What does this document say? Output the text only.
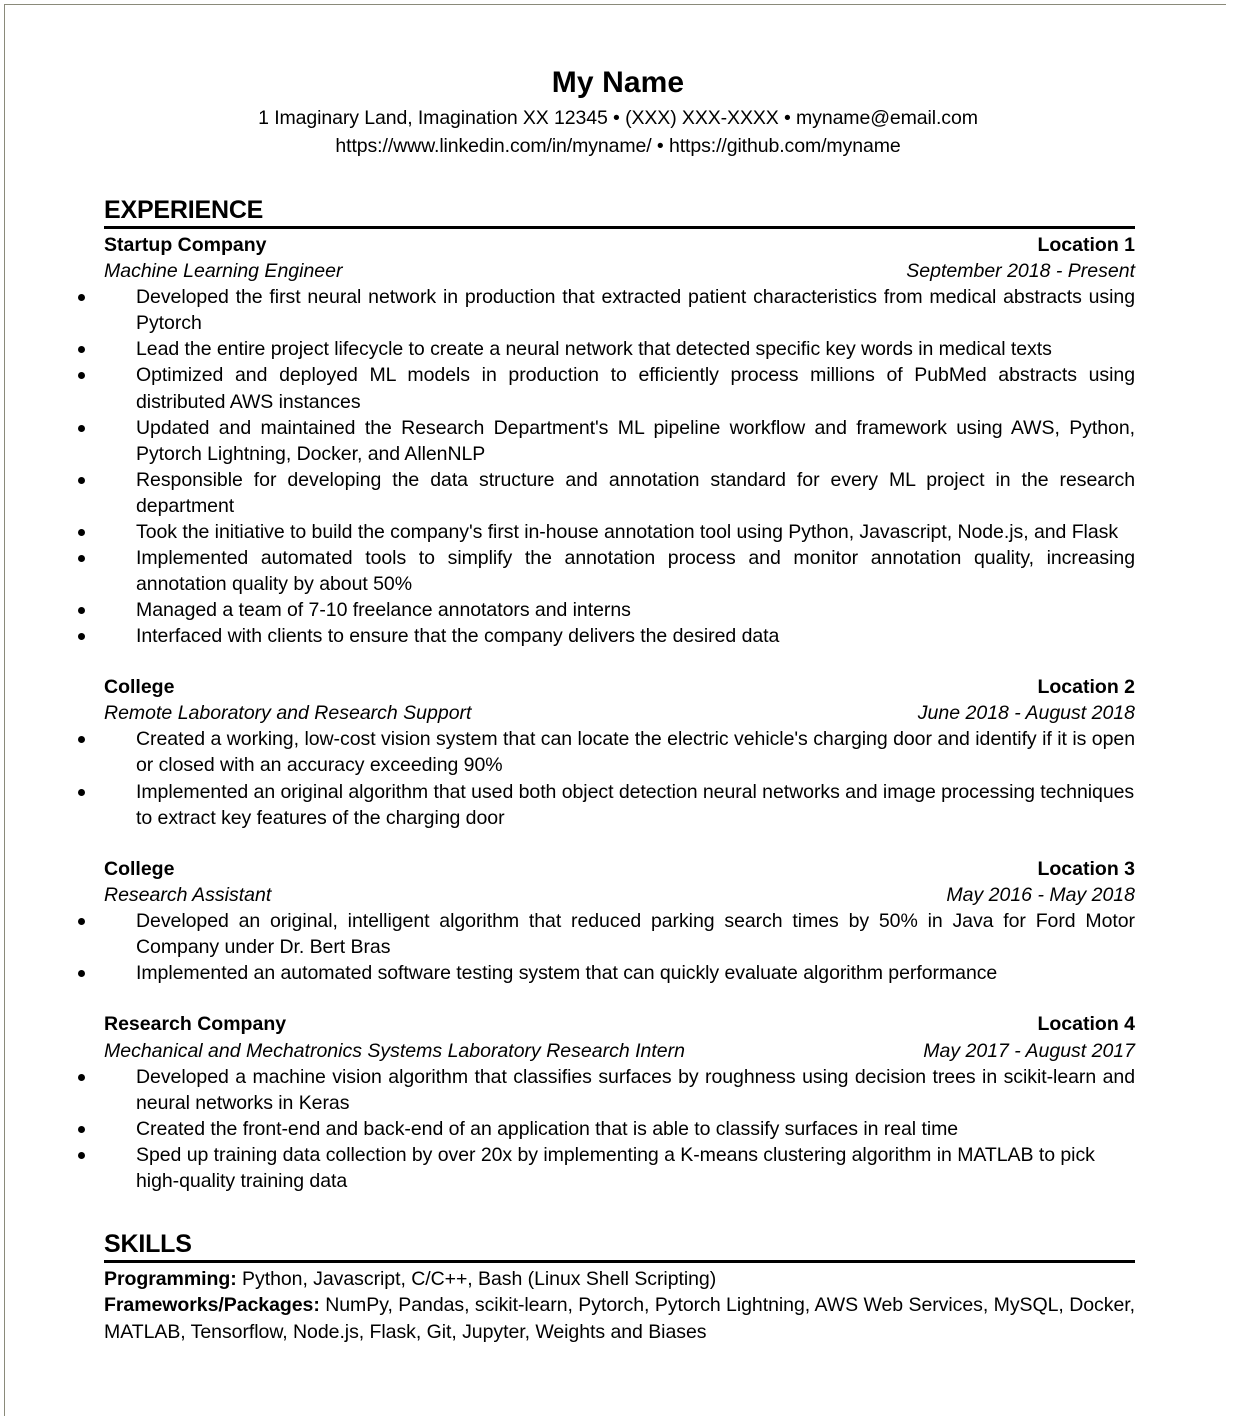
My Name
1 Imaginary Land, Imagination XX 12345 • (XXX) XXX-XXXX • myname@email.com
https://www.linkedin.com/in/myname/ • https://github.com/myname
EXPERIENCE
Startup Company	Location 1
Machine Learning Engineer	September 2018 - Present
Developed the first neural network in production that extracted patient characteristics from medical abstracts using Pytorch
Lead the entire project lifecycle to create a neural network that detected specific key words in medical texts
Optimized and deployed ML models in production to efficiently process millions of PubMed abstracts using distributed AWS instances
Updated and maintained the Research Department's ML pipeline workflow and framework using AWS, Python, Pytorch Lightning, Docker, and AllenNLP
Responsible for developing the data structure and annotation standard for every ML project in the research department
Took the initiative to build the company's first in-house annotation tool using Python, Javascript, Node.js, and Flask
Implemented automated tools to simplify the annotation process and monitor annotation quality, increasing annotation quality by about 50%
Managed a team of 7-10 freelance annotators and interns
Interfaced with clients to ensure that the company delivers the desired data
College	Location 2
Remote Laboratory and Research Support	June 2018 - August 2018
Created a working, low-cost vision system that can locate the electric vehicle's charging door and identify if it is open or closed with an accuracy exceeding 90%
Implemented an original algorithm that used both object detection neural networks and image processing techniques to extract key features of the charging door
College	Location 3
Research Assistant	May 2016 - May 2018
Developed an original, intelligent algorithm that reduced parking search times by 50% in Java for Ford Motor Company under Dr. Bert Bras
Implemented an automated software testing system that can quickly evaluate algorithm performance
Research Company	Location 4
Mechanical and Mechatronics Systems Laboratory Research Intern	May 2017 - August 2017
Developed a machine vision algorithm that classifies surfaces by roughness using decision trees in scikit-learn and neural networks in Keras
Created the front-end and back-end of an application that is able to classify surfaces in real time
Sped up training data collection by over 20x by implementing a K-means clustering algorithm in MATLAB to pick high-quality training data
SKILLS
Programming: Python, Javascript, C/C++, Bash (Linux Shell Scripting)
Frameworks/Packages: NumPy, Pandas, scikit-learn, Pytorch, Pytorch Lightning, AWS Web Services, MySQL, Docker, MATLAB, Tensorflow, Node.js, Flask, Git, Jupyter, Weights and Biases
